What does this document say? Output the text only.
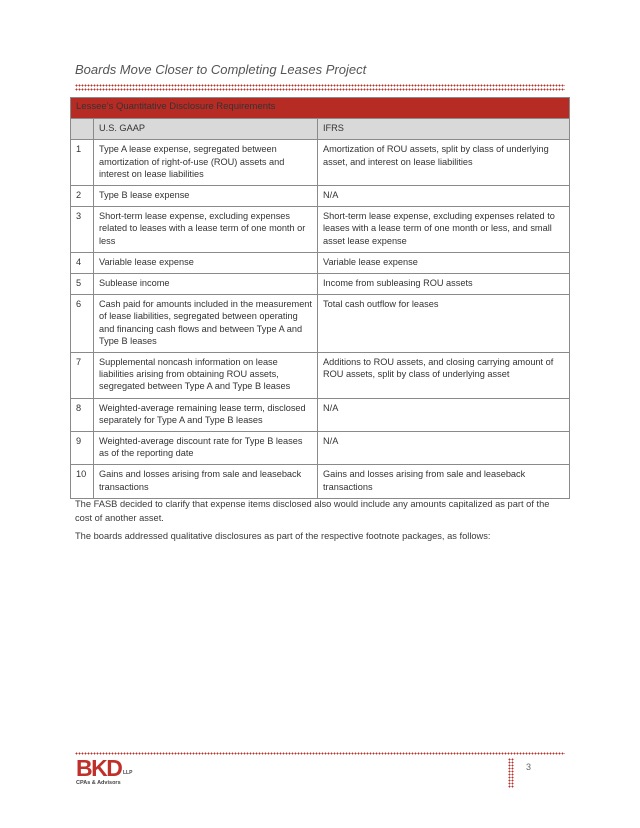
Boards Move Closer to Completing Leases Project
Lessee’s Quantitative Disclosure Requirements		
	U.S. GAAP	IFRS
1	Type A lease expense, segregated between amortization of right-of-use (ROU) assets and interest on lease liabilities	Amortization of ROU assets, split by class of underlying asset, and interest on lease liabilities
2	Type B lease expense	N/A
3	Short-term lease expense, excluding expenses related to leases with a lease term of one month or less	Short-term lease expense, excluding expenses related to leases with a lease term of one month or less, and small asset lease expense
4	Variable lease expense	Variable lease expense
5	Sublease income	Income from subleasing ROU assets
6	Cash paid for amounts included in the measurement of lease liabilities, segregated between operating and financing cash flows and between Type A and Type B leases	Total cash outflow for leases
7	Supplemental noncash information on lease liabilities arising from obtaining ROU assets, segregated between Type A and Type B leases	Additions to ROU assets, and closing carrying amount of ROU assets, split by class of underlying asset
8	Weighted-average remaining lease term, disclosed separately for Type A and Type B leases	N/A
9	Weighted-average discount rate for Type B leases as of the reporting date	N/A
10	Gains and losses arising from sale and leaseback transactions	Gains and losses arising from sale and leaseback transactions
The FASB decided to clarify that expense items disclosed also would include any amounts capitalized as part of the cost of another asset.
The boards addressed qualitative disclosures as part of the respective footnote packages, as follows:
BKD LLP
CPAs & Advisors
3
